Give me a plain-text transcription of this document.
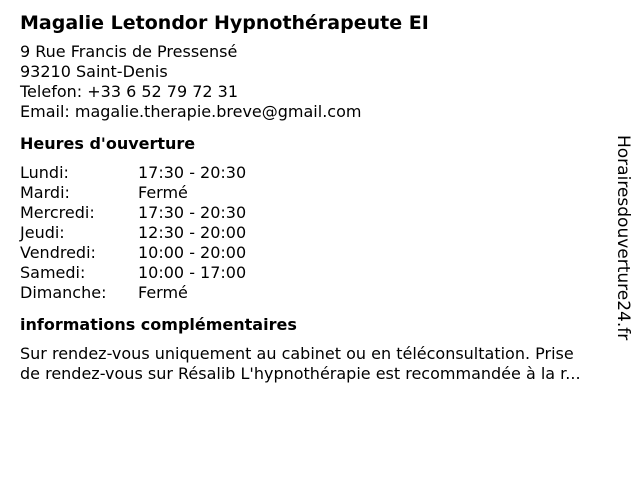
Magalie Letondor Hypnothérapeute EI
9 Rue Francis de Pressensé
93210 Saint-Denis
Telefon: +33 6 52 79 72 31
Email: magalie.therapie.breve@gmail.com
Heures d'ouverture
Lundi:	17:30 - 20:30
Mardi:	Fermé
Mercredi:	17:30 - 20:30
Jeudi:	12:30 - 20:00
Vendredi:	10:00 - 20:00
Samedi:	10:00 - 17:00
Dimanche:	Fermé
informations complémentaires
Sur rendez-vous uniquement au cabinet ou en téléconsultation. Prise
de rendez-vous sur Résalib L'hypnothérapie est recommandée à la r...
Horairesdouverture24.fr
